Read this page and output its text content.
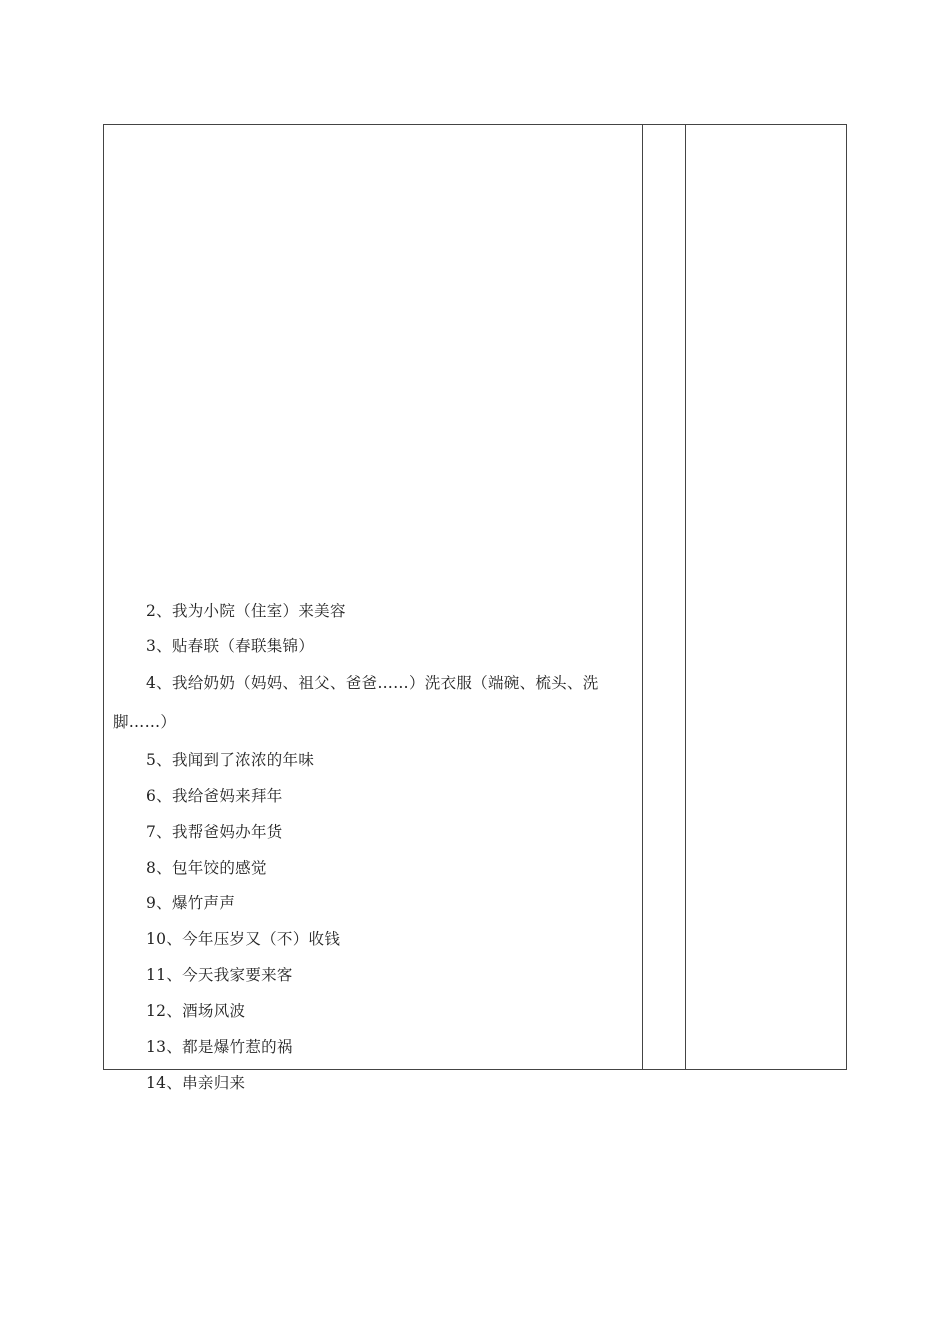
2、我为小院（住室）来美容
3、贴春联（春联集锦）
4、我给奶奶（妈妈、祖父、爸爸……）洗衣服（端碗、梳头、洗
脚……）
5、我闻到了浓浓的年味
6、我给爸妈来拜年
7、我帮爸妈办年货
8、包年饺的感觉
9、爆竹声声
10、今年压岁又（不）收钱
11、今天我家要来客
12、酒场风波
13、都是爆竹惹的祸
14、串亲归来
